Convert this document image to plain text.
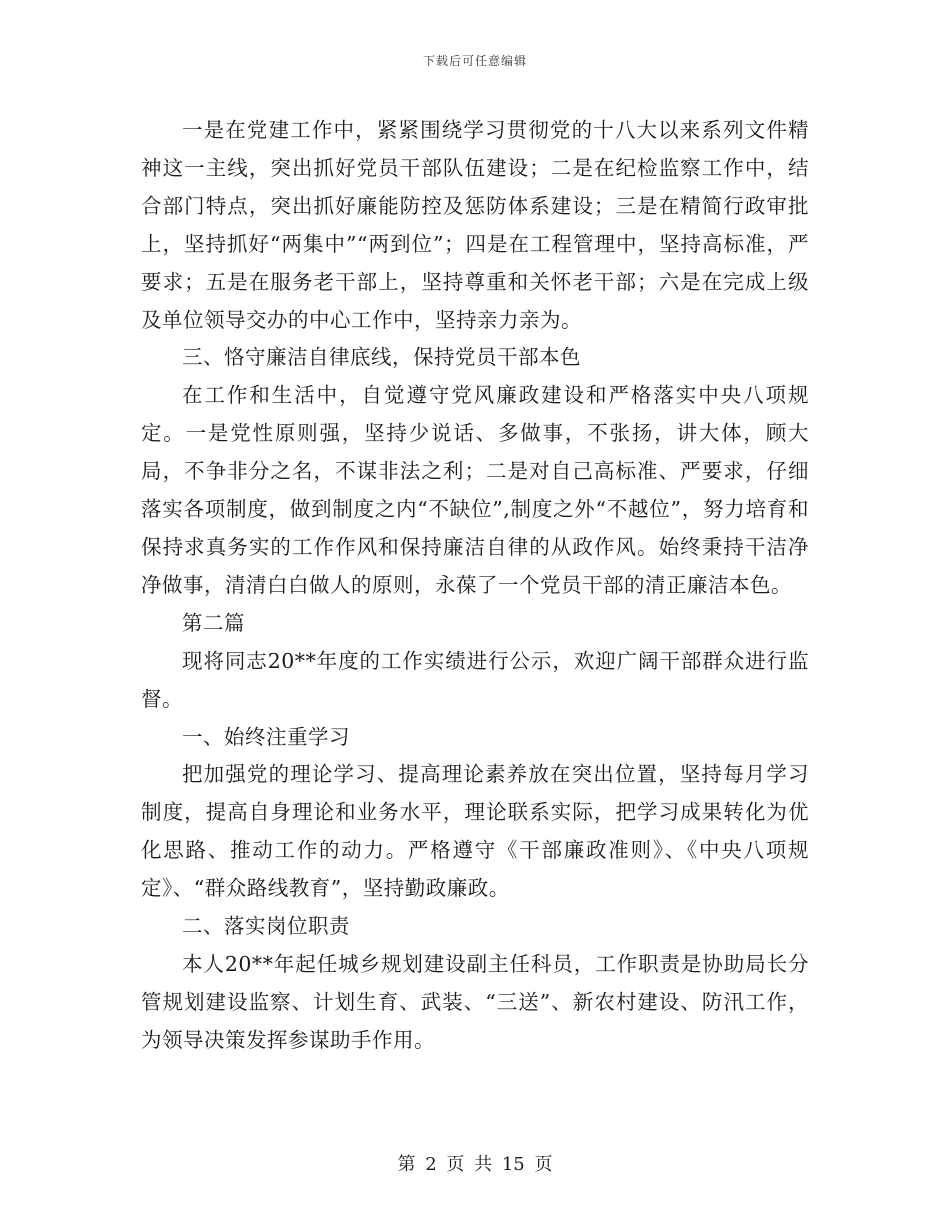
下载后可任意编辑

一是在党建工作中，紧紧围绕学习贯彻党的十八大以来系列文件精神这一主线，突出抓好党员干部队伍建设；二是在纪检监察工作中，结合部门特点，突出抓好廉能防控及惩防体系建设；三是在精简行政审批上，坚持抓好“两集中”“两到位”；四是在工程管理中，坚持高标准，严要求；五是在服务老干部上，坚持尊重和关怀老干部；六是在完成上级及单位领导交办的中心工作中，坚持亲力亲为。

三、恪守廉洁自律底线，保持党员干部本色

在工作和生活中，自觉遵守党风廉政建设和严格落实中央八项规定。一是党性原则强，坚持少说话、多做事，不张扬，讲大体，顾大局，不争非分之名，不谋非法之利；二是对自己高标准、严要求，仔细落实各项制度，做到制度之内“不缺位”,制度之外“不越位”，努力培育和保持求真务实的工作作风和保持廉洁自律的从政作风。始终秉持干洁净净做事，清清白白做人的原则，永葆了一个党员干部的清正廉洁本色。

第二篇

现将同志20**年度的工作实绩进行公示，欢迎广阔干部群众进行监督。

一、始终注重学习

把加强党的理论学习、提高理论素养放在突出位置，坚持每月学习制度，提高自身理论和业务水平，理论联系实际，把学习成果转化为优化思路、推动工作的动力。严格遵守《干部廉政准则》、《中央八项规定》、“群众路线教育”，坚持勤政廉政。

二、落实岗位职责

本人20**年起任城乡规划建设副主任科员，工作职责是协助局长分管规划建设监察、计划生育、武装、“三送”、新农村建设、防汛工作，为领导决策发挥参谋助手作用。

第 2 页 共 15 页
